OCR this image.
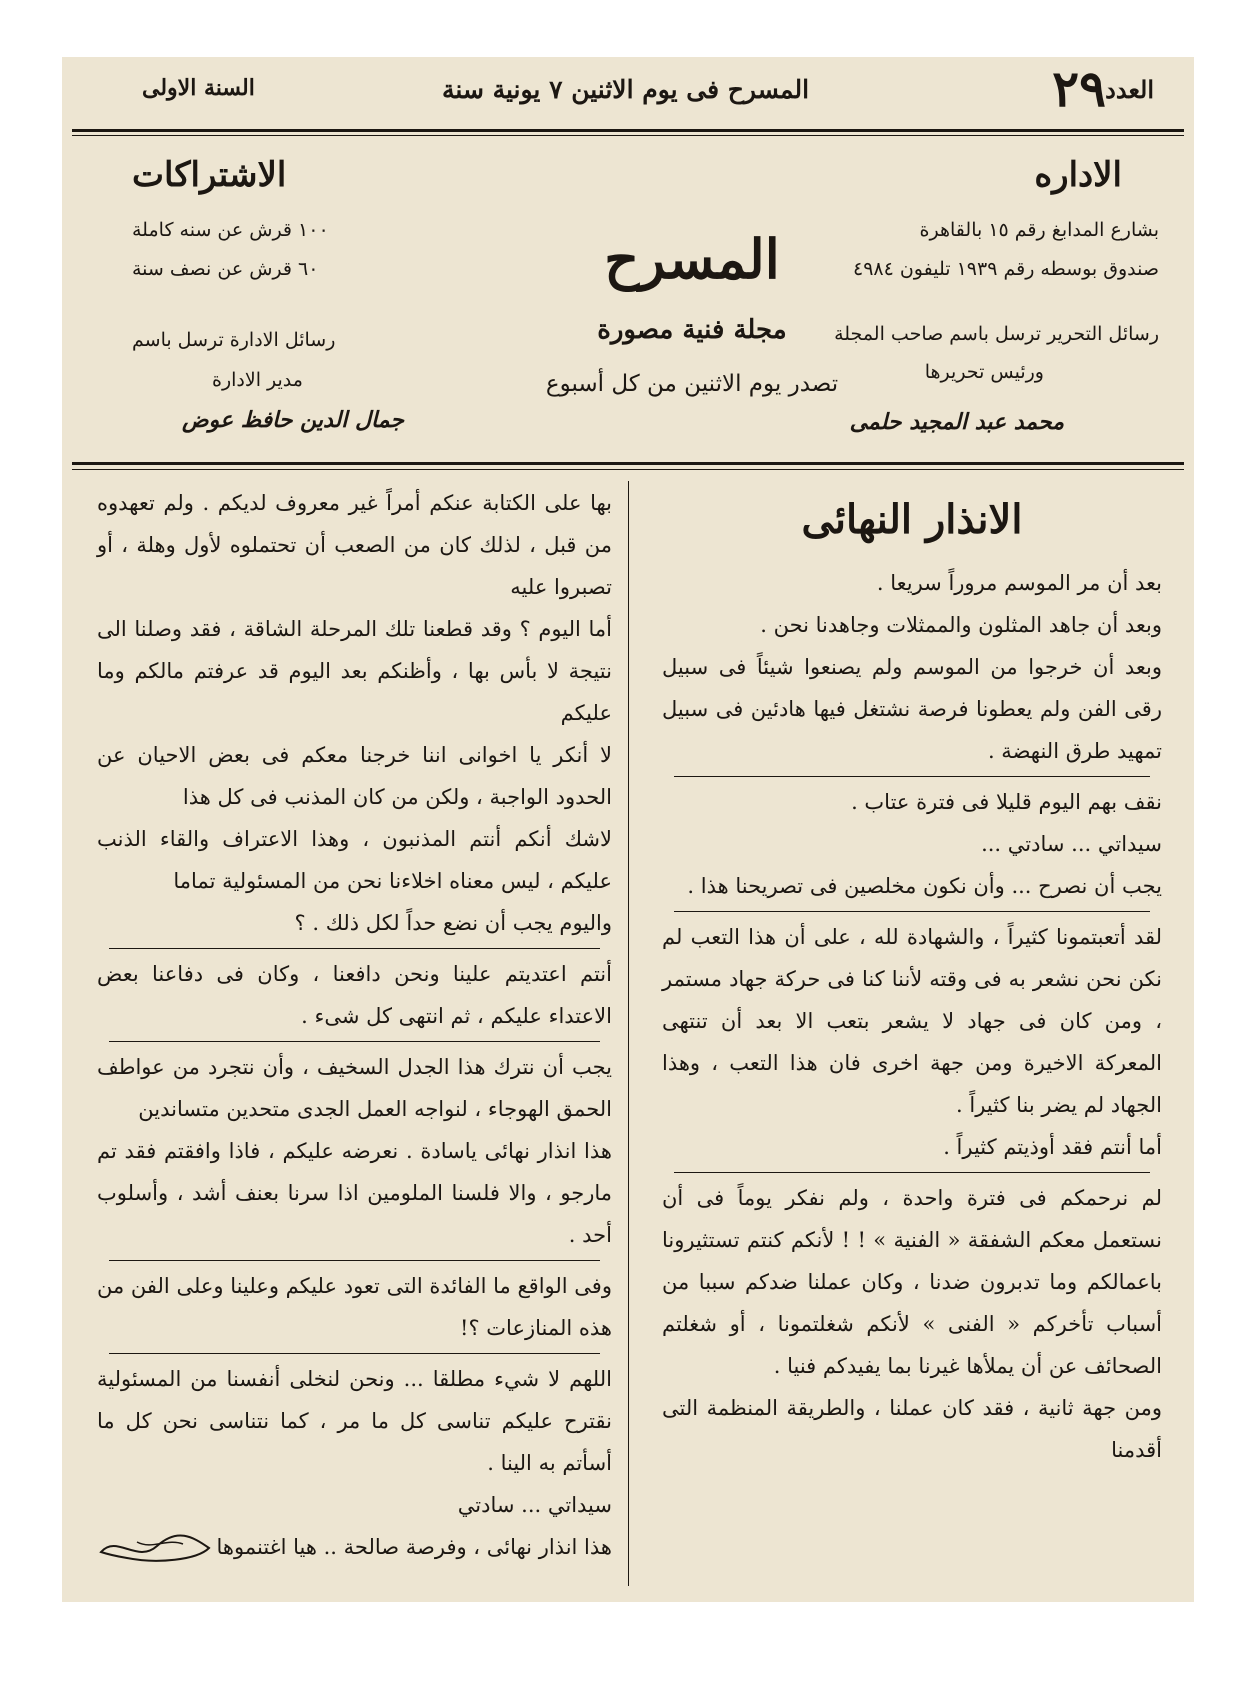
٢٩ العدد
المسرح فى يوم الاثنين ٧ يونية سنة
السنة الاولى
الاداره
بشارع المدابغ رقم ١٥ بالقاهرة
صندوق بوسطه رقم ١٩٣٩ تليفون ٤٩٨٤
رسائل التحرير ترسل باسم صاحب المجلة
ورئيس تحريرها
محمد عبد المجيد حلمى
المسرح
مجلة فنية مصورة
تصدر يوم الاثنين من كل أسبوع
الاشتراكات
١٠٠ قرش عن سنه كاملة
٦٠ قرش عن نصف سنة
رسائل الادارة ترسل باسم
مدير الادارة
جمال الدين حافظ عوض
الانذار النهائى

بعد أن مر الموسم مروراً سريعا .

وبعد أن جاهد المثلون والممثلات وجاهدنا نحن .

وبعد أن خرجوا من الموسم ولم يصنعوا شيئاً فى سبيل رقى الفن ولم يعطونا فرصة نشتغل فيها هادئين فى سبيل تمهيد طرق النهضة .

نقف بهم اليوم قليلا فى فترة عتاب .

سيداتي ... سادتي ...

يجب أن نصرح ... وأن نكون مخلصين فى تصريحنا هذا .

لقد أتعبتمونا كثيراً ، والشهادة لله ، على أن هذا التعب لم نكن نحن نشعر به فى وقته لأننا كنا فى حركة جهاد مستمر ، ومن كان فى جهاد لا يشعر بتعب الا بعد أن تنتهى المعركة الاخيرة ومن جهة اخرى فان هذا التعب ، وهذا الجهاد لم يضر بنا كثيراً .

أما أنتم فقد أوذيتم كثيراً .

لم نرحمكم فى فترة واحدة ، ولم نفكر يوماً فى أن نستعمل معكم الشفقة « الفنية » ! ! لأنكم كنتم تستثيرونا باعمالكم وما تدبرون ضدنا ، وكان عملنا ضدكم سببا من أسباب تأخركم « الفنى » لأنكم شغلتمونا ، أو شغلتم الصحائف عن أن يملأها غيرنا بما يفيدكم فنيا .

ومن جهة ثانية ، فقد كان عملنا ، والطريقة المنظمة التى أقدمنا

بها على الكتابة عنكم أمراً غير معروف لديكم . ولم تعهدوه من قبل ، لذلك كان من الصعب أن تحتملوه لأول وهلة ، أو تصبروا عليه

أما اليوم ؟ وقد قطعنا تلك المرحلة الشاقة ، فقد وصلنا الى نتيجة لا بأس بها ، وأظنكم بعد اليوم قد عرفتم مالكم وما عليكم

لا أنكر يا اخوانى اننا خرجنا معكم فى بعض الاحيان عن الحدود الواجبة ، ولكن من كان المذنب فى كل هذا

لاشك أنكم أنتم المذنبون ، وهذا الاعتراف والقاء الذنب عليكم ، ليس معناه اخلاءنا نحن من المسئولية تماما

واليوم يجب أن نضع حداً لكل ذلك . ؟

أنتم اعتديتم علينا ونحن دافعنا ، وكان فى دفاعنا بعض الاعتداء عليكم ، ثم انتهى كل شىء .

يجب أن نترك هذا الجدل السخيف ، وأن نتجرد من عواطف الحمق الهوجاء ، لنواجه العمل الجدى متحدين متساندين

هذا انذار نهائى ياسادة . نعرضه عليكم ، فاذا وافقتم فقد تم مارجو ، والا فلسنا الملومين اذا سرنا بعنف أشد ، وأسلوب أحد .

وفى الواقع ما الفائدة التى تعود عليكم وعلينا وعلى الفن من هذه المنازعات ؟!

اللهم لا شيء مطلقا ... ونحن لنخلى أنفسنا من المسئولية نقترح عليكم تناسى كل ما مر ، كما نتناسى نحن كل ما أسأتم به الينا .

سيداتي ... سادتي

هذا انذار نهائى ، وفرصة صالحة .. هيا اغتنموها
